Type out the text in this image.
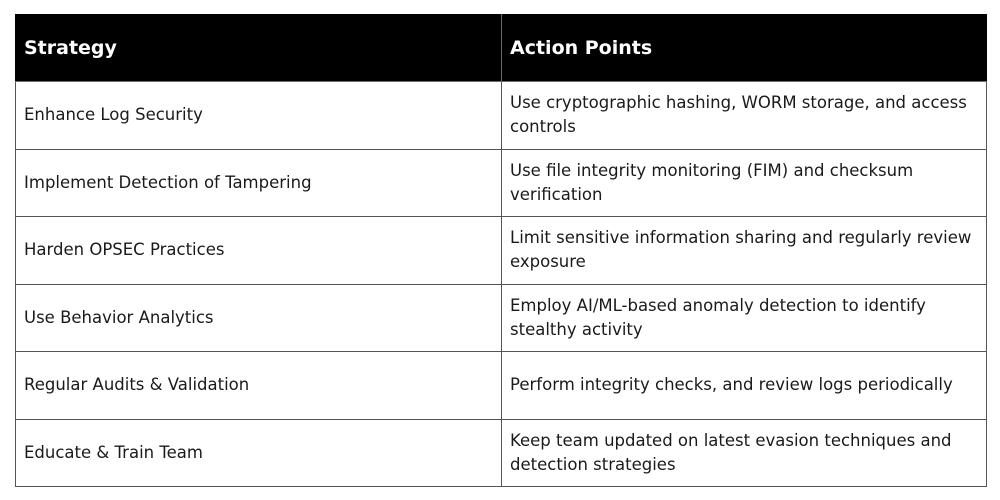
Strategy	Action Points
Enhance Log Security	Use cryptographic hashing, WORM storage, and access controls
Implement Detection of Tampering	Use file integrity monitoring (FIM) and checksum verification
Harden OPSEC Practices	Limit sensitive information sharing and regularly review exposure
Use Behavior Analytics	Employ AI/ML-based anomaly detection to identify stealthy activity
Regular Audits & Validation	Perform integrity checks, and review logs periodically
Educate & Train Team	Keep team updated on latest evasion techniques and detection strategies
